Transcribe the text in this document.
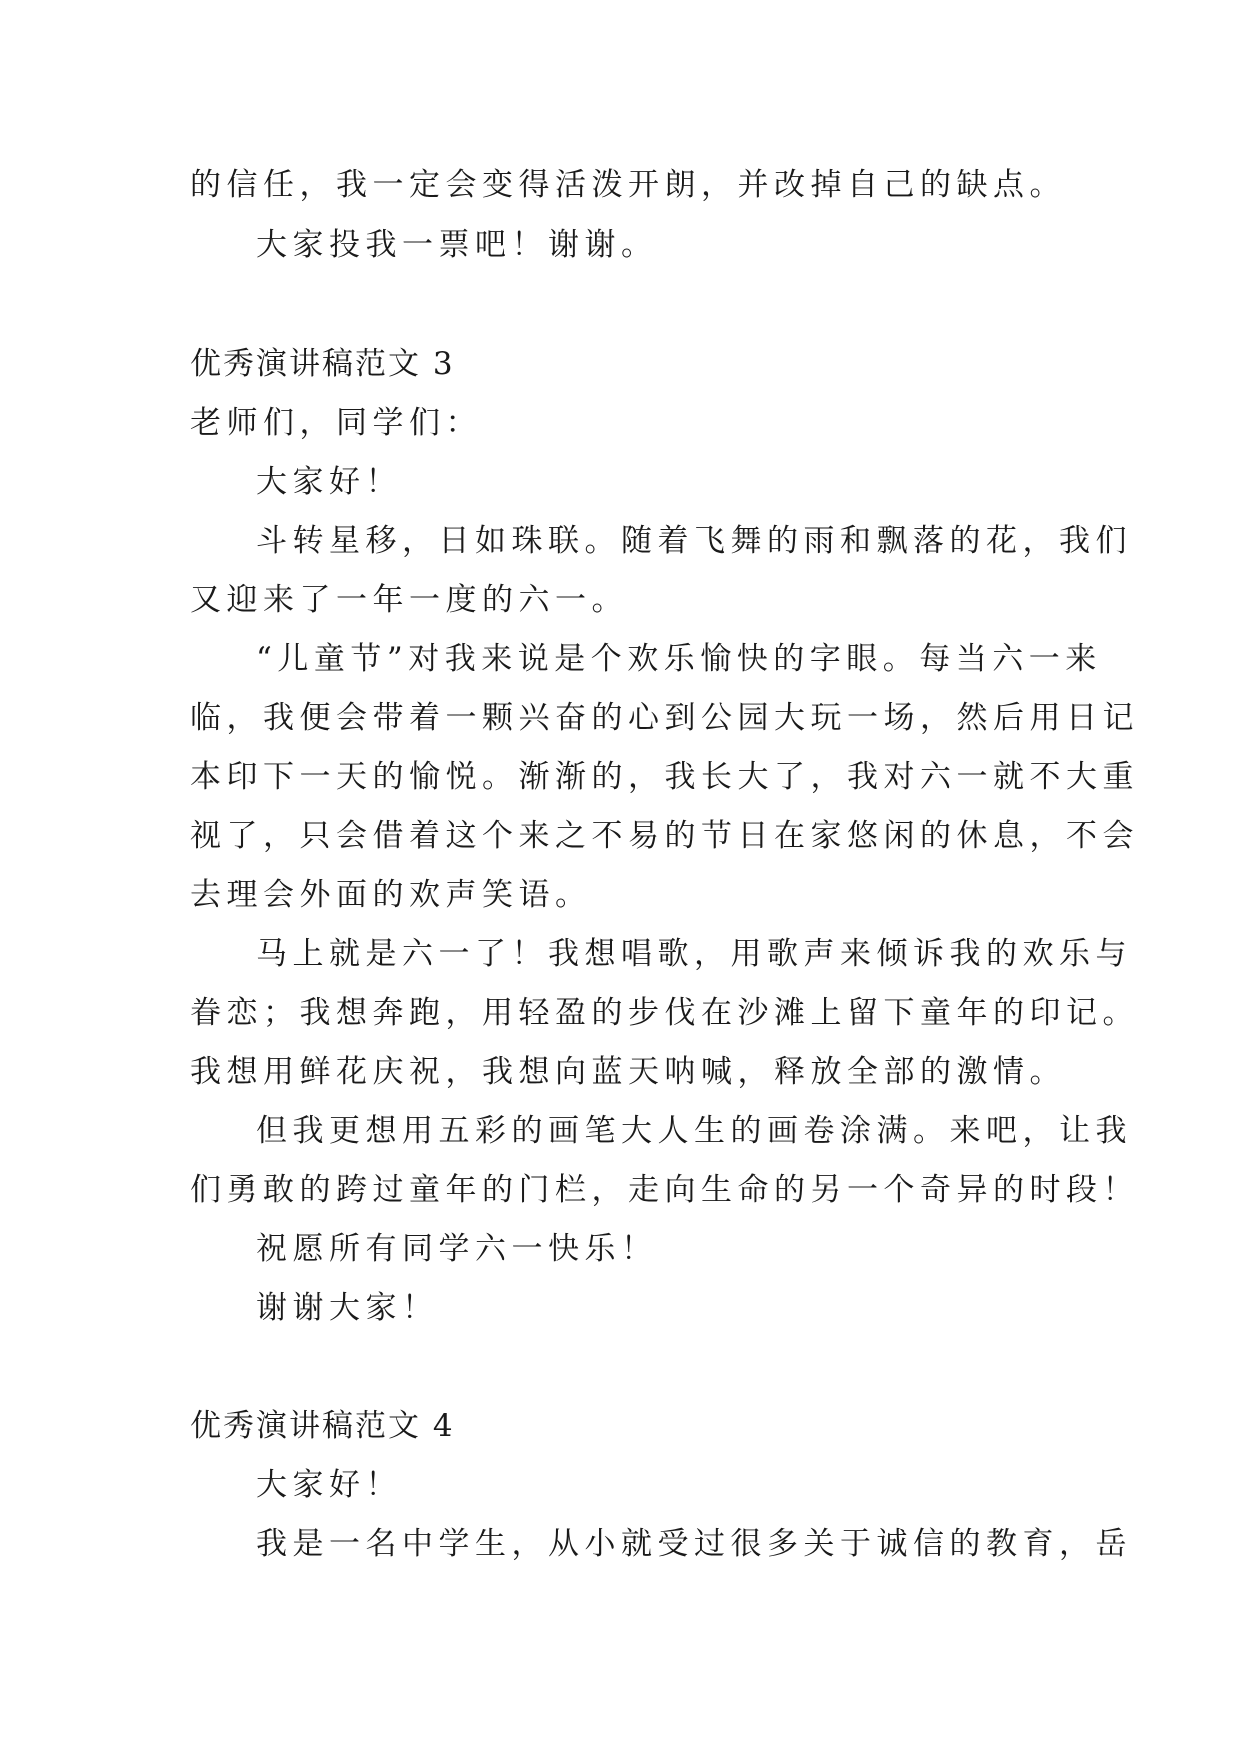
的信任，我一定会变得活泼开朗，并改掉自己的缺点。
大家投我一票吧！谢谢。
优秀演讲稿范文 3
老师们，同学们：
大家好！
斗转星移，日如珠联。随着飞舞的雨和飘落的花，我们
又迎来了一年一度的六一。
“儿童节”对我来说是个欢乐愉快的字眼。每当六一来
临，我便会带着一颗兴奋的心到公园大玩一场，然后用日记
本印下一天的愉悦。渐渐的，我长大了，我对六一就不大重
视了，只会借着这个来之不易的节日在家悠闲的休息，不会
去理会外面的欢声笑语。
马上就是六一了！我想唱歌，用歌声来倾诉我的欢乐与
眷恋；我想奔跑，用轻盈的步伐在沙滩上留下童年的印记。
我想用鲜花庆祝，我想向蓝天呐喊，释放全部的激情。
但我更想用五彩的画笔大人生的画卷涂满。来吧，让我
们勇敢的跨过童年的门栏，走向生命的另一个奇异的时段！
祝愿所有同学六一快乐！
谢谢大家！
优秀演讲稿范文 4
大家好！
我是一名中学生，从小就受过很多关于诚信的教育，岳
